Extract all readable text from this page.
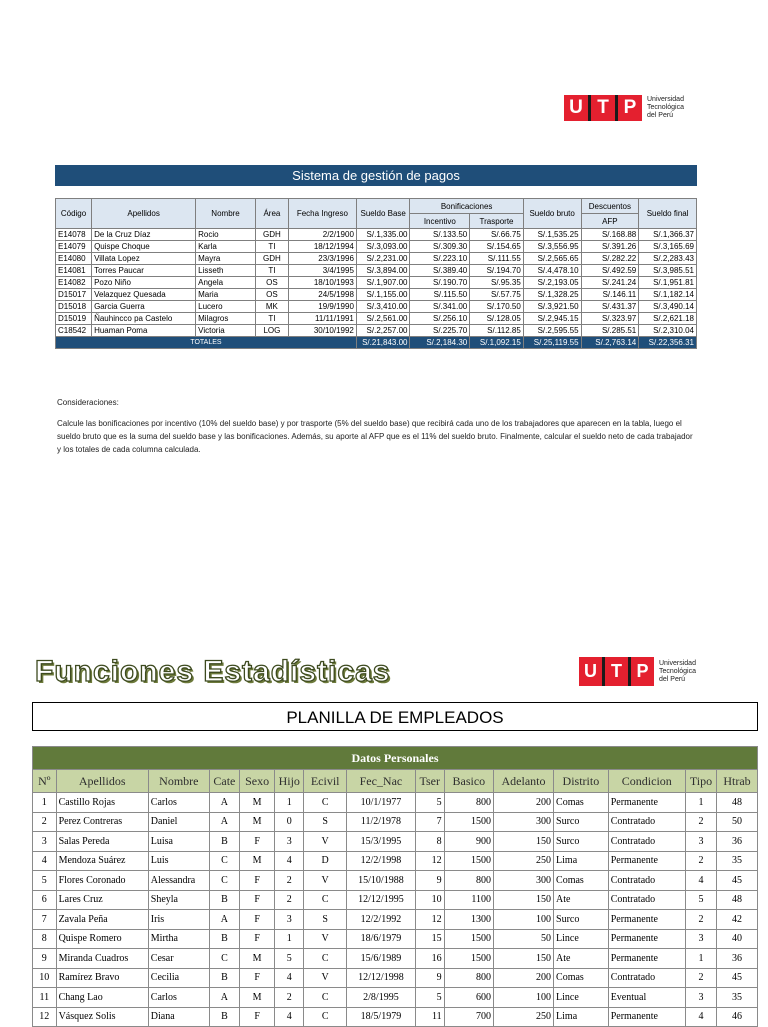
U T P	Universidad
Tecnológica
del Perú
Sistema de gestión de pagos
Código	Apellidos	Nombre	Área	Fecha Ingreso	Sueldo Base	Bonificaciones		Sueldo bruto	Descuentos	Sueldo final
						Incentivo	Trasporte		AFP	
E14078	De la Cruz Díaz	Rocio	GDH	2/2/1900	S/.1,335.00	S/.133.50	S/.66.75	S/.1,535.25	S/.168.88	S/.1,366.37
E14079	Quispe Choque	Karla	TI	18/12/1994	S/.3,093.00	S/.309.30	S/.154.65	S/.3,556.95	S/.391.26	S/.3,165.69
E14080	Villata Lopez	Mayra	GDH	23/3/1996	S/.2,231.00	S/.223.10	S/.111.55	S/.2,565.65	S/.282.22	S/.2,283.43
E14081	Torres Paucar	Lisseth	TI	3/4/1995	S/.3,894.00	S/.389.40	S/.194.70	S/.4,478.10	S/.492.59	S/.3,985.51
E14082	Pozo Niño	Angela	OS	18/10/1993	S/.1,907.00	S/.190.70	S/.95.35	S/.2,193.05	S/.241.24	S/.1,951.81
D15017	Velazquez Quesada	Maria	OS	24/5/1998	S/.1,155.00	S/.115.50	S/.57.75	S/.1,328.25	S/.146.11	S/.1,182.14
D15018	Garcia Guerra	Lucero	MK	19/9/1990	S/.3,410.00	S/.341.00	S/.170.50	S/.3,921.50	S/.431.37	S/.3,490.14
D15019	Ñauhincco pa Castelo	Milagros	TI	11/11/1991	S/.2,561.00	S/.256.10	S/.128.05	S/.2,945.15	S/.323.97	S/.2,621.18
C18542	Huaman Poma	Victoria	LOG	30/10/1992	S/.2,257.00	S/.225.70	S/.112.85	S/.2,595.55	S/.285.51	S/.2,310.04
TOTALES					S/.21,843.00	S/.2,184.30	S/.1,092.15	S/.25,119.55	S/.2,763.14	S/.22,356.31
Consideraciones:
Calcule las bonificaciones por incentivo (10% del sueldo base) y por trasporte (5% del sueldo base) que recibirá cada uno de los trabajadores que aparecen en la tabla, luego el sueldo bruto que es la suma del sueldo base y las bonificaciones. Además, su aporte al AFP que es el 11% del sueldo bruto. Finalmente, calcular el sueldo neto de cada trabajador y los totales de cada columna calculada.
Funciones Estadísticas	U T P	Universidad
Tecnológica
del Perú
PLANILLA DE EMPLEADOS
Datos Personales														
Nº	Apellidos	Nombre	Cate	Sexo	Hijo	Ecivil	Fec_Nac	Tser	Basico	Adelanto	Distrito	Condicion	Tipo	Htrab
1	Castillo Rojas	Carlos	A	M	1	C	10/1/1977	5	800	200	Comas	Permanente	1	48
2	Perez Contreras	Daniel	A	M	0	S	11/2/1978	7	1500	300	Surco	Contratado	2	50
3	Salas Pereda	Luisa	B	F	3	V	15/3/1995	8	900	150	Surco	Contratado	3	36
4	Mendoza Suárez	Luis	C	M	4	D	12/2/1998	12	1500	250	Lima	Permanente	2	35
5	Flores Coronado	Alessandra	C	F	2	V	15/10/1988	9	800	300	Comas	Contratado	4	45
6	Lares Cruz	Sheyla	B	F	2	C	12/12/1995	10	1100	150	Ate	Contratado	5	48
7	Zavala Peña	Iris	A	F	3	S	12/2/1992	12	1300	100	Surco	Permanente	2	42
8	Quispe Romero	Mirtha	B	F	1	V	18/6/1979	15	1500	50	Lince	Permanente	3	40
9	Miranda Cuadros	Cesar	C	M	5	C	15/6/1989	16	1500	150	Ate	Permanente	1	36
10	Ramírez Bravo	Cecilia	B	F	4	V	12/12/1998	9	800	200	Comas	Contratado	2	45
11	Chang Lao	Carlos	A	M	2	C	2/8/1995	5	600	100	Lince	Eventual	3	35
12	Vásquez Solis	Diana	B	F	4	C	18/5/1979	11	700	250	Lima	Permanente	4	46
